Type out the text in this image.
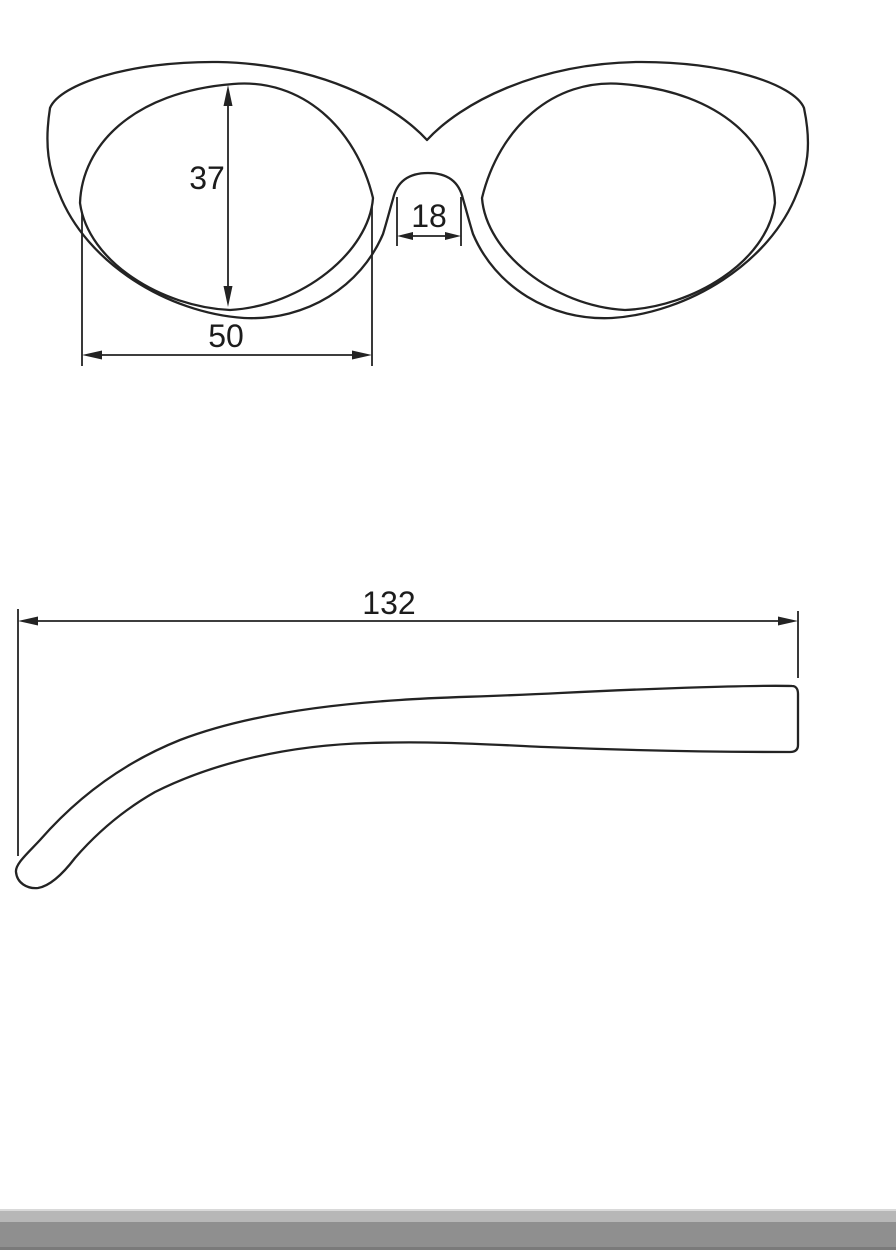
37
18
50
132
